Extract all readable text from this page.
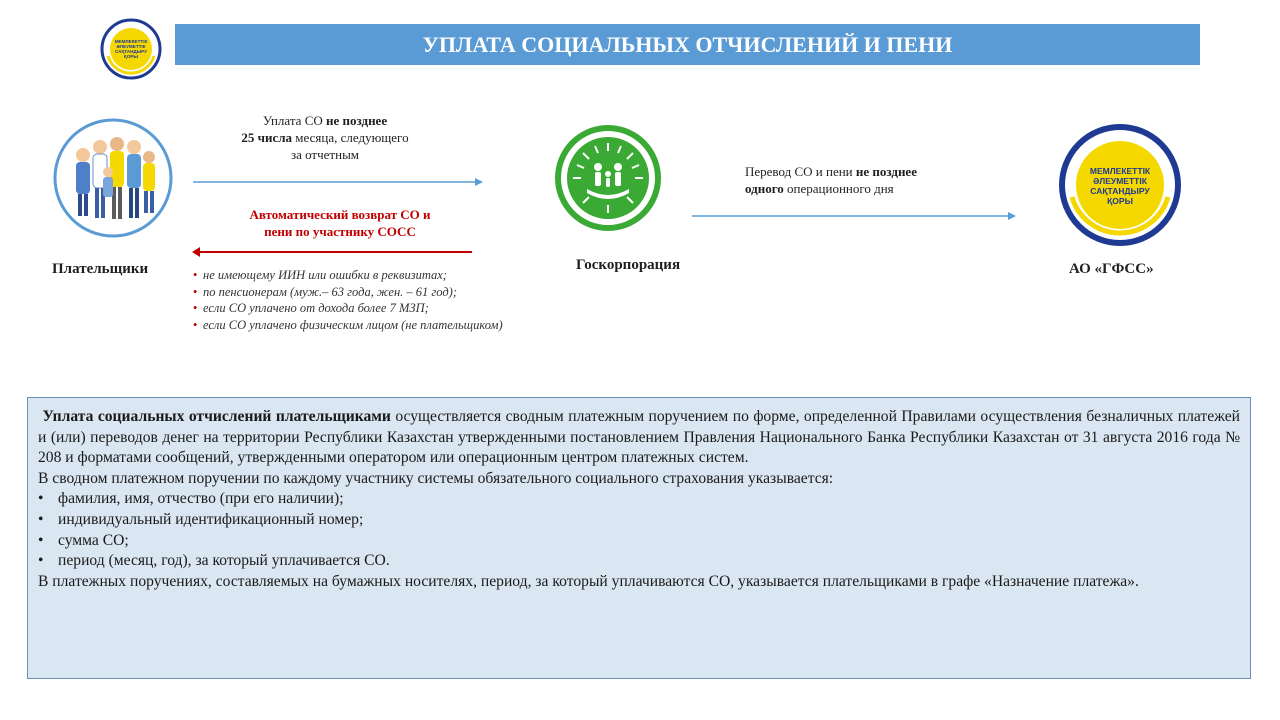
МЕМЛЕКЕТТІК
ӘЛЕУМЕТТІК
САҚТАНДЫРУ
ҚОРЫ	УПЛАТА СОЦИАЛЬНЫХ ОТЧИСЛЕНИЙ И ПЕНИ
Плательщики
Уплата СО не позднее
25 числа месяца, следующего
за отчетным
Автоматический возврат СО и
пени по участнику СОСС
• не имеющему ИИН или ошибки в реквизитах;
• по пенсионерам (муж.– 63 года, жен. – 61 год);
• если СО уплачено от дохода более 7 МЗП;
• если СО уплачено физическим лицом (не плательщиком)
Госкорпорация
Перевод СО и пени не позднее
одного операционного дня
МЕМЛЕКЕТТІК
ӘЛЕУМЕТТІК
САҚТАНДЫРУ
ҚОРЫ
АО «ГФСС»

Уплата социальных отчислений плательщиками осуществляется сводным платежным поручением по форме, определенной Правилами осуществления безналичных платежей и (или) переводов денег на территории Республики Казахстан утвержденными постановлением Правления Национального Банка Республики Казахстан от 31 августа 2016 года № 208 и форматами сообщений, утвержденными оператором или операционным центром платежных систем.

В сводном платежном поручении по каждому участнику системы обязательного социального страхования указывается:

• фамилия, имя, отчество (при его наличии);
• индивидуальный идентификационный номер;
• сумма СО;
• период (месяц, год), за который уплачивается СО.

В платежных поручениях, составляемых на бумажных носителях, период, за который уплачиваются СО, указывается плательщиками в графе «Назначение платежа».
